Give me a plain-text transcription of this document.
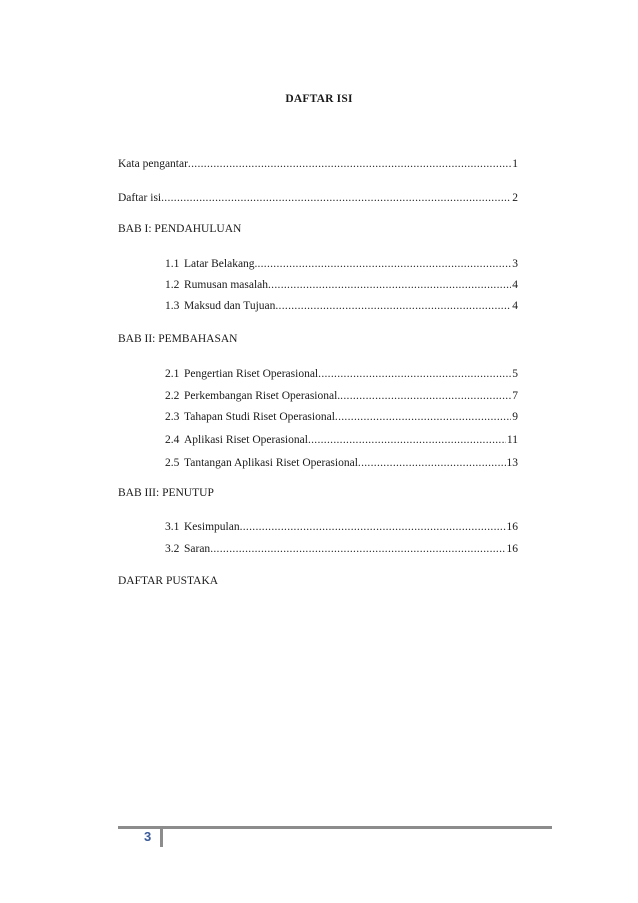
DAFTAR ISI
Kata pengantar .....	1
Daftar isi .....	2
BAB I: PENDAHULUAN
1.1 Latar Belakang. .....	3
1.2 Rumusan masalah .....	4
1.3 Maksud dan Tujuan .....	4
BAB II: PEMBAHASAN
2.1 Pengertian Riset Operasional .....	5
2.2 Perkembangan Riset Operasional. .....	7
2.3 Tahapan Studi Riset Operasional .....	9
2.4 Aplikasi Riset Operasional .....	11
2.5 Tantangan Aplikasi Riset Operasional .....	13
BAB III: PENUTUP
3.1 Kesimpulan .....	16
3.2 Saran .....	16
DAFTAR PUSTAKA
3
